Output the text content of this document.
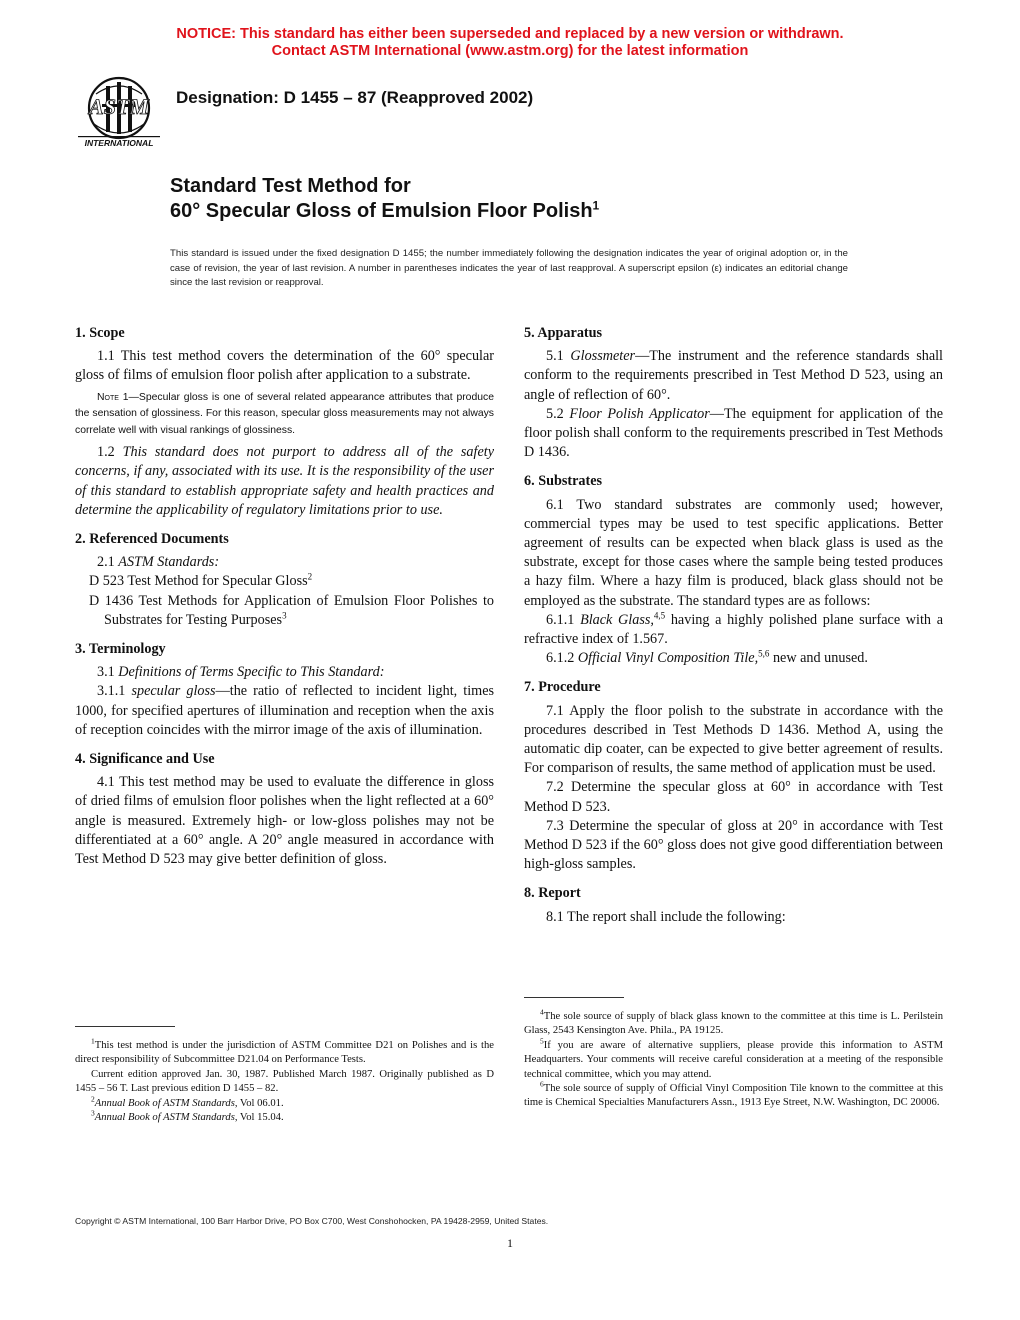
NOTICE: This standard has either been superseded and replaced by a new version or withdrawn.
Contact ASTM International (www.astm.org) for the latest information
ASTM
INTERNATIONAL
Designation: D 1455 – 87 (Reapproved 2002)
Standard Test Method for
60° Specular Gloss of Emulsion Floor Polish$^1$
This standard is issued under the fixed designation D 1455; the number immediately following the designation indicates the year of original adoption or, in the case of revision, the year of last revision. A number in parentheses indicates the year of last reapproval. A superscript epsilon (ε) indicates an editorial change since the last revision or reapproval.

1. Scope

1.1 This test method covers the determination of the 60° specular gloss of films of emulsion floor polish after application to a substrate.

Note 1—Specular gloss is one of several related appearance attributes that produce the sensation of glossiness. For this reason, specular gloss measurements may not always correlate well with visual rankings of glossiness.

1.2 This standard does not purport to address all of the safety concerns, if any, associated with its use. It is the responsibility of the user of this standard to establish appropriate safety and health practices and determine the applicability of regulatory limitations prior to use.

2. Referenced Documents

2.1 ASTM Standards:

D 523 Test Method for Specular Gloss$^2$

D 1436 Test Methods for Application of Emulsion Floor Polishes to Substrates for Testing Purposes$^3$

3. Terminology

3.1 Definitions of Terms Specific to This Standard:

3.1.1 specular gloss—the ratio of reflected to incident light, times 1000, for specified apertures of illumination and reception when the axis of reception coincides with the mirror image of the axis of illumination.

4. Significance and Use

4.1 This test method may be used to evaluate the difference in gloss of dried films of emulsion floor polishes when the light reflected at a 60° angle is measured. Extremely high- or low-gloss polishes may not be differentiated at a 60° angle. A 20° angle measured in accordance with Test Method D 523 may give better definition of gloss.

5. Apparatus

5.1 Glossmeter—The instrument and the reference standards shall conform to the requirements prescribed in Test Method D 523, using an angle of reflection of 60°.

5.2 Floor Polish Applicator—The equipment for application of the floor polish shall conform to the requirements prescribed in Test Methods D 1436.

6. Substrates

6.1 Two standard substrates are commonly used; however, commercial types may be used to test specific applications. Better agreement of results can be expected when black glass is used as the substrate, except for those cases where the sample being tested produces a hazy film. Where a hazy film is produced, black glass should not be employed as the substrate. The standard types are as follows:

6.1.1 Black Glass,$^{4,5}$ having a highly polished plane surface with a refractive index of 1.567.

6.1.2 Official Vinyl Composition Tile,$^{5,6}$ new and unused.

7. Procedure

7.1 Apply the floor polish to the substrate in accordance with the procedures described in Test Methods D 1436. Method A, using the automatic dip coater, can be expected to give better agreement of results. For comparison of results, the same method of application must be used.

7.2 Determine the specular gloss at 60° in accordance with Test Method D 523.

7.3 Determine the specular of gloss at 20° in accordance with Test Method D 523 if the 60° gloss does not give good differentiation between high-gloss samples.

8. Report

8.1 The report shall include the following:

$^1$This test method is under the jurisdiction of ASTM Committee D21 on Polishes and is the direct responsibility of Subcommittee D21.04 on Performance Tests.

Current edition approved Jan. 30, 1987. Published March 1987. Originally published as D 1455 – 56 T. Last previous edition D 1455 – 82.

$^2$Annual Book of ASTM Standards, Vol 06.01.

$^3$Annual Book of ASTM Standards, Vol 15.04.

$^4$The sole source of supply of black glass known to the committee at this time is L. Perilstein Glass, 2543 Kensington Ave. Phila., PA 19125.

$^5$If you are aware of alternative suppliers, please provide this information to ASTM Headquarters. Your comments will receive careful consideration at a meeting of the responsible technical committee, which you may attend.

$^6$The sole source of supply of Official Vinyl Composition Tile known to the committee at this time is Chemical Specialties Manufacturers Assn., 1913 Eye Street, N.W. Washington, DC 20006.

Copyright © ASTM International, 100 Barr Harbor Drive, PO Box C700, West Conshohocken, PA 19428-2959, United States.
1
